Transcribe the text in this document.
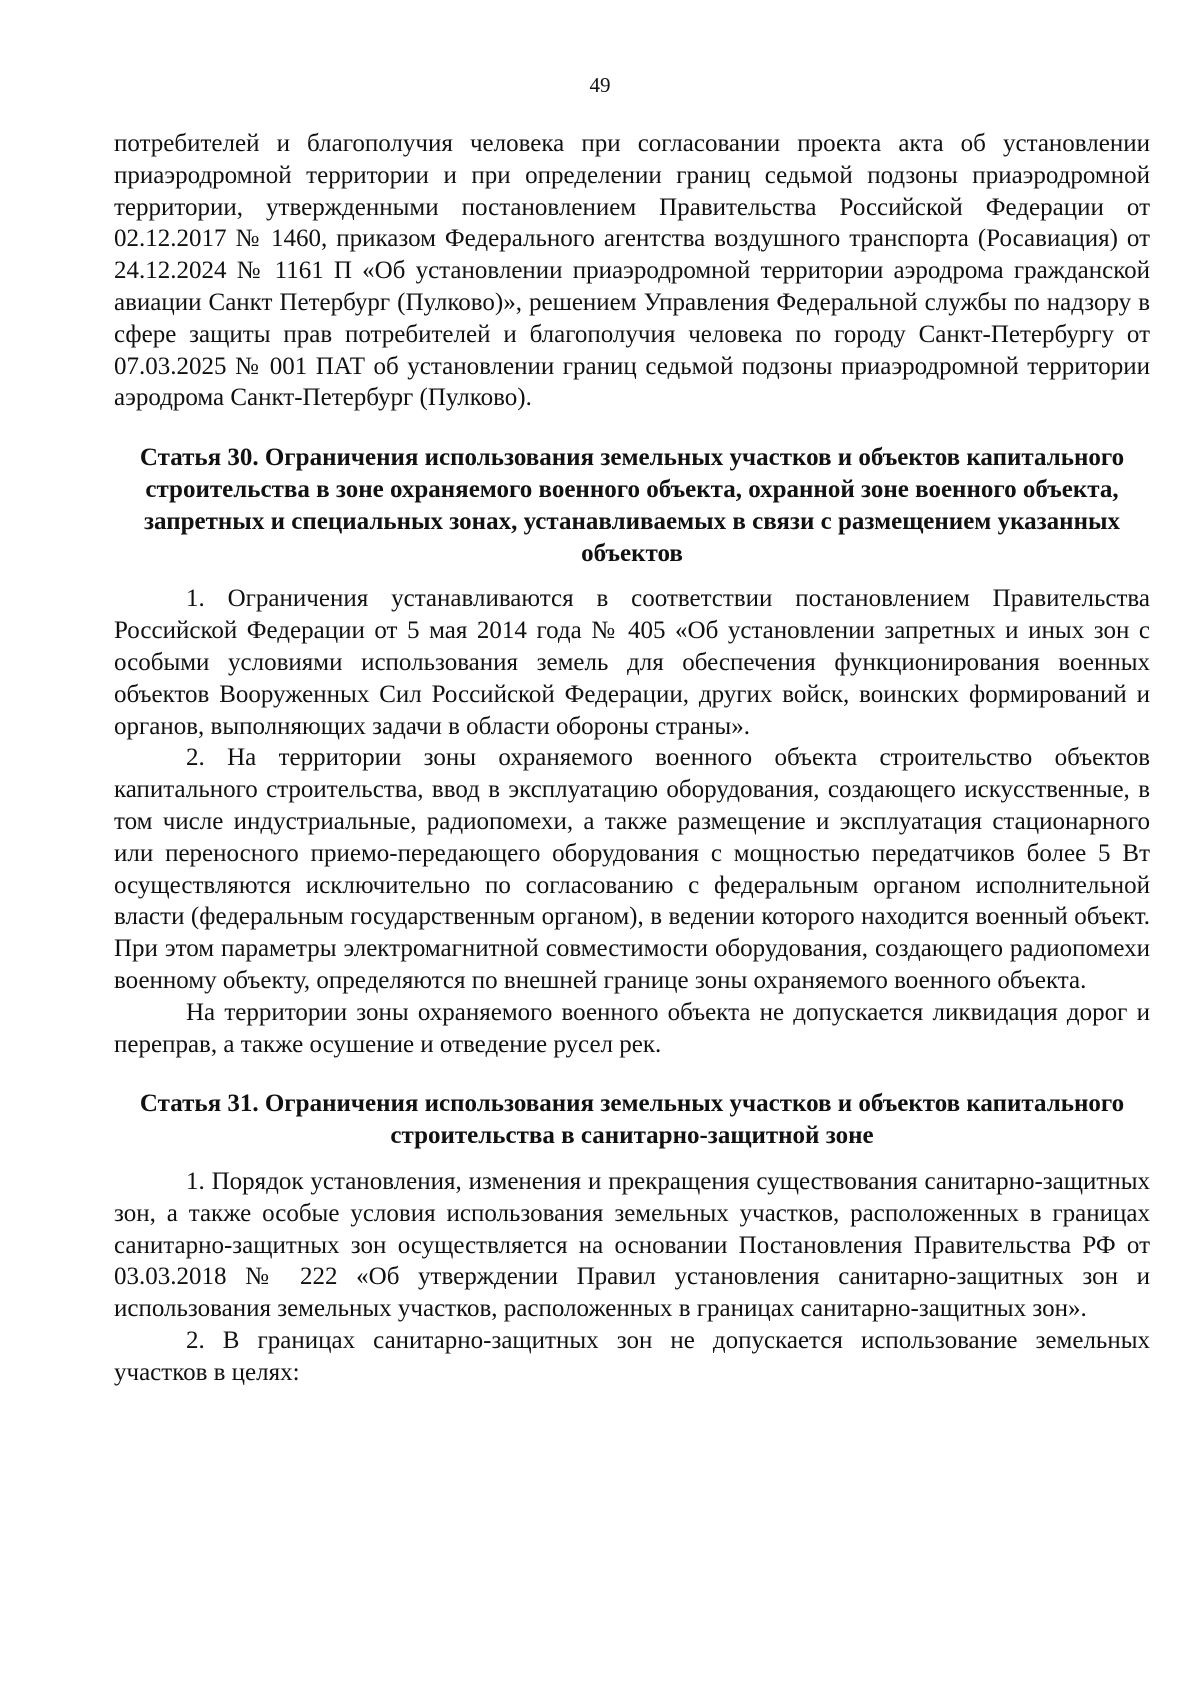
49

потребителей и благополучия человека при согласовании проекта акта об установлении приаэродромной территории и при определении границ седьмой подзоны приаэродромной территории, утвержденными постановлением Правительства Российской Федерации от 02.12.2017 № 1460, приказом Федерального агентства воздушного транспорта (Росавиация) от 24.12.2024 № 1161 П «Об установлении приаэродромной территории аэродрома гражданской авиации Санкт Петербург (Пулково)», решением Управления Федеральной службы по надзору в сфере защиты прав потребителей и благополучия человека по городу Санкт-Петербургу от 07.03.2025 № 001 ПАТ об установлении границ седьмой подзоны приаэродромной территории аэродрома Санкт-Петербург (Пулково).

Статья 30. Ограничения использования земельных участков и объектов капитального строительства в зоне охраняемого военного объекта, охранной зоне военного объекта, запретных и специальных зонах, устанавливаемых в связи с размещением указанных объектов

1. Ограничения устанавливаются в соответствии постановлением Правительства Российской Федерации от 5 мая 2014 года № 405 «Об установлении запретных и иных зон с особыми условиями использования земель для обеспечения функционирования военных объектов Вооруженных Сил Российской Федерации, других войск, воинских формирований и органов, выполняющих задачи в области обороны страны».

2. На территории зоны охраняемого военного объекта строительство объектов капитального строительства, ввод в эксплуатацию оборудования, создающего искусственные, в том числе индустриальные, радиопомехи, а также размещение и эксплуатация стационарного или переносного приемо-передающего оборудования с мощностью передатчиков более 5 Вт осуществляются исключительно по согласованию с федеральным органом исполнительной власти (федеральным государственным органом), в ведении которого находится военный объект. При этом параметры электромагнитной совместимости оборудования, создающего радиопомехи военному объекту, определяются по внешней границе зоны охраняемого военного объекта.

На территории зоны охраняемого военного объекта не допускается ликвидация дорог и переправ, а также осушение и отведение русел рек.

Статья 31. Ограничения использования земельных участков и объектов капитального строительства в санитарно-защитной зоне

1. Порядок установления, изменения и прекращения существования санитарно-защитных зон, а также особые условия использования земельных участков, расположенных в границах санитарно-защитных зон осуществляется на основании Постановления Правительства РФ от 03.03.2018 № 222 «Об утверждении Правил установления санитарно-защитных зон и использования земельных участков, расположенных в границах санитарно-защитных зон».

2. В границах санитарно-защитных зон не допускается использование земельных участков в целях:
